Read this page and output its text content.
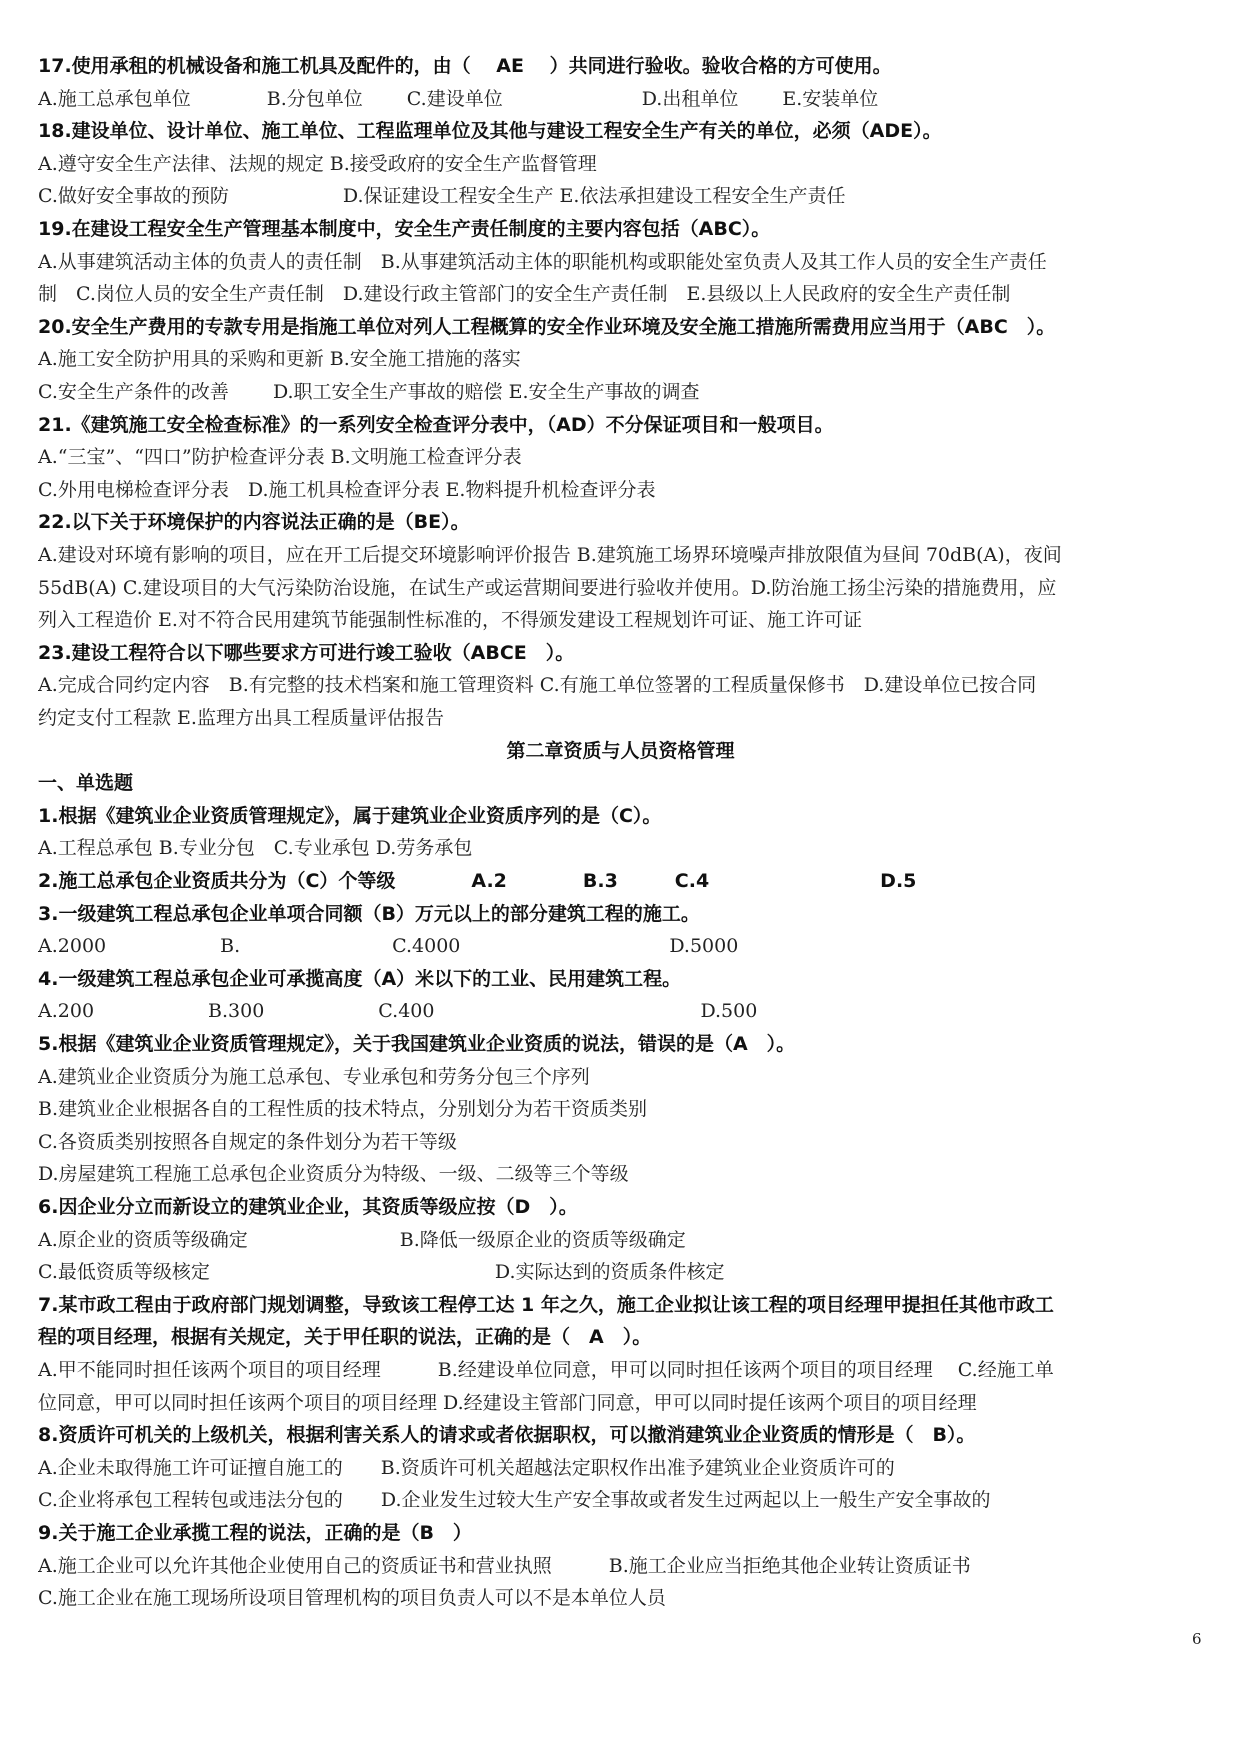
17.使用承租的机械设备和施工机具及配件的，由（　 AE　 ）共同进行验收。验收合格的方可使用。
A.施工总承包单位　　　　B.分包单位　　 C.建设单位　　　　　　　 D.出租单位　　 E.安装单位
18.建设单位、设计单位、施工单位、工程监理单位及其他与建设工程安全生产有关的单位，必须（ADE）。
A.遵守安全生产法律、法规的规定 B.接受政府的安全生产监督管理
C.做好安全事故的预防　　　　　　D.保证建设工程安全生产 E.依法承担建设工程安全生产责任
19.在建设工程安全生产管理基本制度中，安全生产责任制度的主要内容包括（ABC）。
A.从事建筑活动主体的负责人的责任制　B.从事建筑活动主体的职能机构或职能处室负责人及其工作人员的安全生产责任
制　C.岗位人员的安全生产责任制　D.建设行政主管部门的安全生产责任制　E.县级以上人民政府的安全生产责任制
20.安全生产费用的专款专用是指施工单位对列人工程概算的安全作业环境及安全施工措施所需费用应当用于（ABC　）。
A.施工安全防护用具的采购和更新 B.安全施工措施的落实
C.安全生产条件的改善　　 D.职工安全生产事故的赔偿 E.安全生产事故的调查
21.《建筑施工安全检查标准》的一系列安全检查评分表中，（AD）不分保证项目和一般项目。
A.“三宝”、“四口”防护检查评分表 B.文明施工检查评分表
C.外用电梯检查评分表　D.施工机具检查评分表 E.物料提升机检查评分表
22.以下关于环境保护的内容说法正确的是（BE）。
A.建设对环境有影响的项目，应在开工后提交环境影响评价报告 B.建筑施工场界环境噪声排放限值为昼间 70dB(A)，夜间
55dB(A) C.建设项目的大气污染防治设施，在试生产或运营期间要进行验收并使用。D.防治施工扬尘污染的措施费用，应
列入工程造价 E.对不符合民用建筑节能强制性标准的，不得颁发建设工程规划许可证、施工许可证
23.建设工程符合以下哪些要求方可进行竣工验收（ABCE　）。
A.完成合同约定内容　B.有完整的技术档案和施工管理资料 C.有施工单位签署的工程质量保修书　D.建设单位已按合同
约定支付工程款 E.监理方出具工程质量评估报告
第二章资质与人员资格管理
一、单选题
1.根据《建筑业企业资质管理规定》，属于建筑业企业资质序列的是（C）。
A.工程总承包 B.专业分包　C.专业承包 D.劳务承包
2.施工总承包企业资质共分为（C）个等级　　　　A.2　　　　B.3　　　C.4　　　　　　　　　D.5
3.一级建筑工程总承包企业单项合同额（B）万元以上的部分建筑工程的施工。
A.2000　　　　　　B.　　　　　　　　C.4000　　　　　　　　　　　D.5000
4.一级建筑工程总承包企业可承揽高度（A）米以下的工业、民用建筑工程。
A.200　　　　　　B.300　　　　　　C.400　　　　　　　　　　　　　　D.500
5.根据《建筑业企业资质管理规定》，关于我国建筑业企业资质的说法，错误的是（A　）。
A.建筑业企业资质分为施工总承包、专业承包和劳务分包三个序列
B.建筑业企业根据各自的工程性质的技术特点，分别划分为若干资质类别
C.各资质类别按照各自规定的条件划分为若干等级
D.房屋建筑工程施工总承包企业资质分为特级、一级、二级等三个等级
6.因企业分立而新设立的建筑业企业，其资质等级应按（D　）。
A.原企业的资质等级确定　　　　　　　　B.降低一级原企业的资质等级确定
C.最低资质等级核定　　　　　　　　　　　　　　　D.实际达到的资质条件核定
7.某市政工程由于政府部门规划调整，导致该工程停工达 1 年之久，施工企业拟让该工程的项目经理甲提担任其他市政工
程的项目经理，根据有关规定，关于甲任职的说法，正确的是（　A　）。
A.甲不能同时担任该两个项目的项目经理　　　B.经建设单位同意，甲可以同时担任该两个项目的项目经理　 C.经施工单
位同意，甲可以同时担任该两个项目的项目经理 D.经建设主管部门同意，甲可以同时提任该两个项目的项目经理
8.资质许可机关的上级机关，根据利害关系人的请求或者依据职权，可以撤消建筑业企业资质的情形是（　B）。
A.企业未取得施工许可证擅自施工的　　B.资质许可机关超越法定职权作出准予建筑业企业资质许可的
C.企业将承包工程转包或违法分包的　　D.企业发生过较大生产安全事故或者发生过两起以上一般生产安全事故的
9.关于施工企业承揽工程的说法，正确的是（B　）
A.施工企业可以允许其他企业使用自己的资质证书和营业执照　　　B.施工企业应当拒绝其他企业转让资质证书
C.施工企业在施工现场所设项目管理机构的项目负责人可以不是本单位人员
6
